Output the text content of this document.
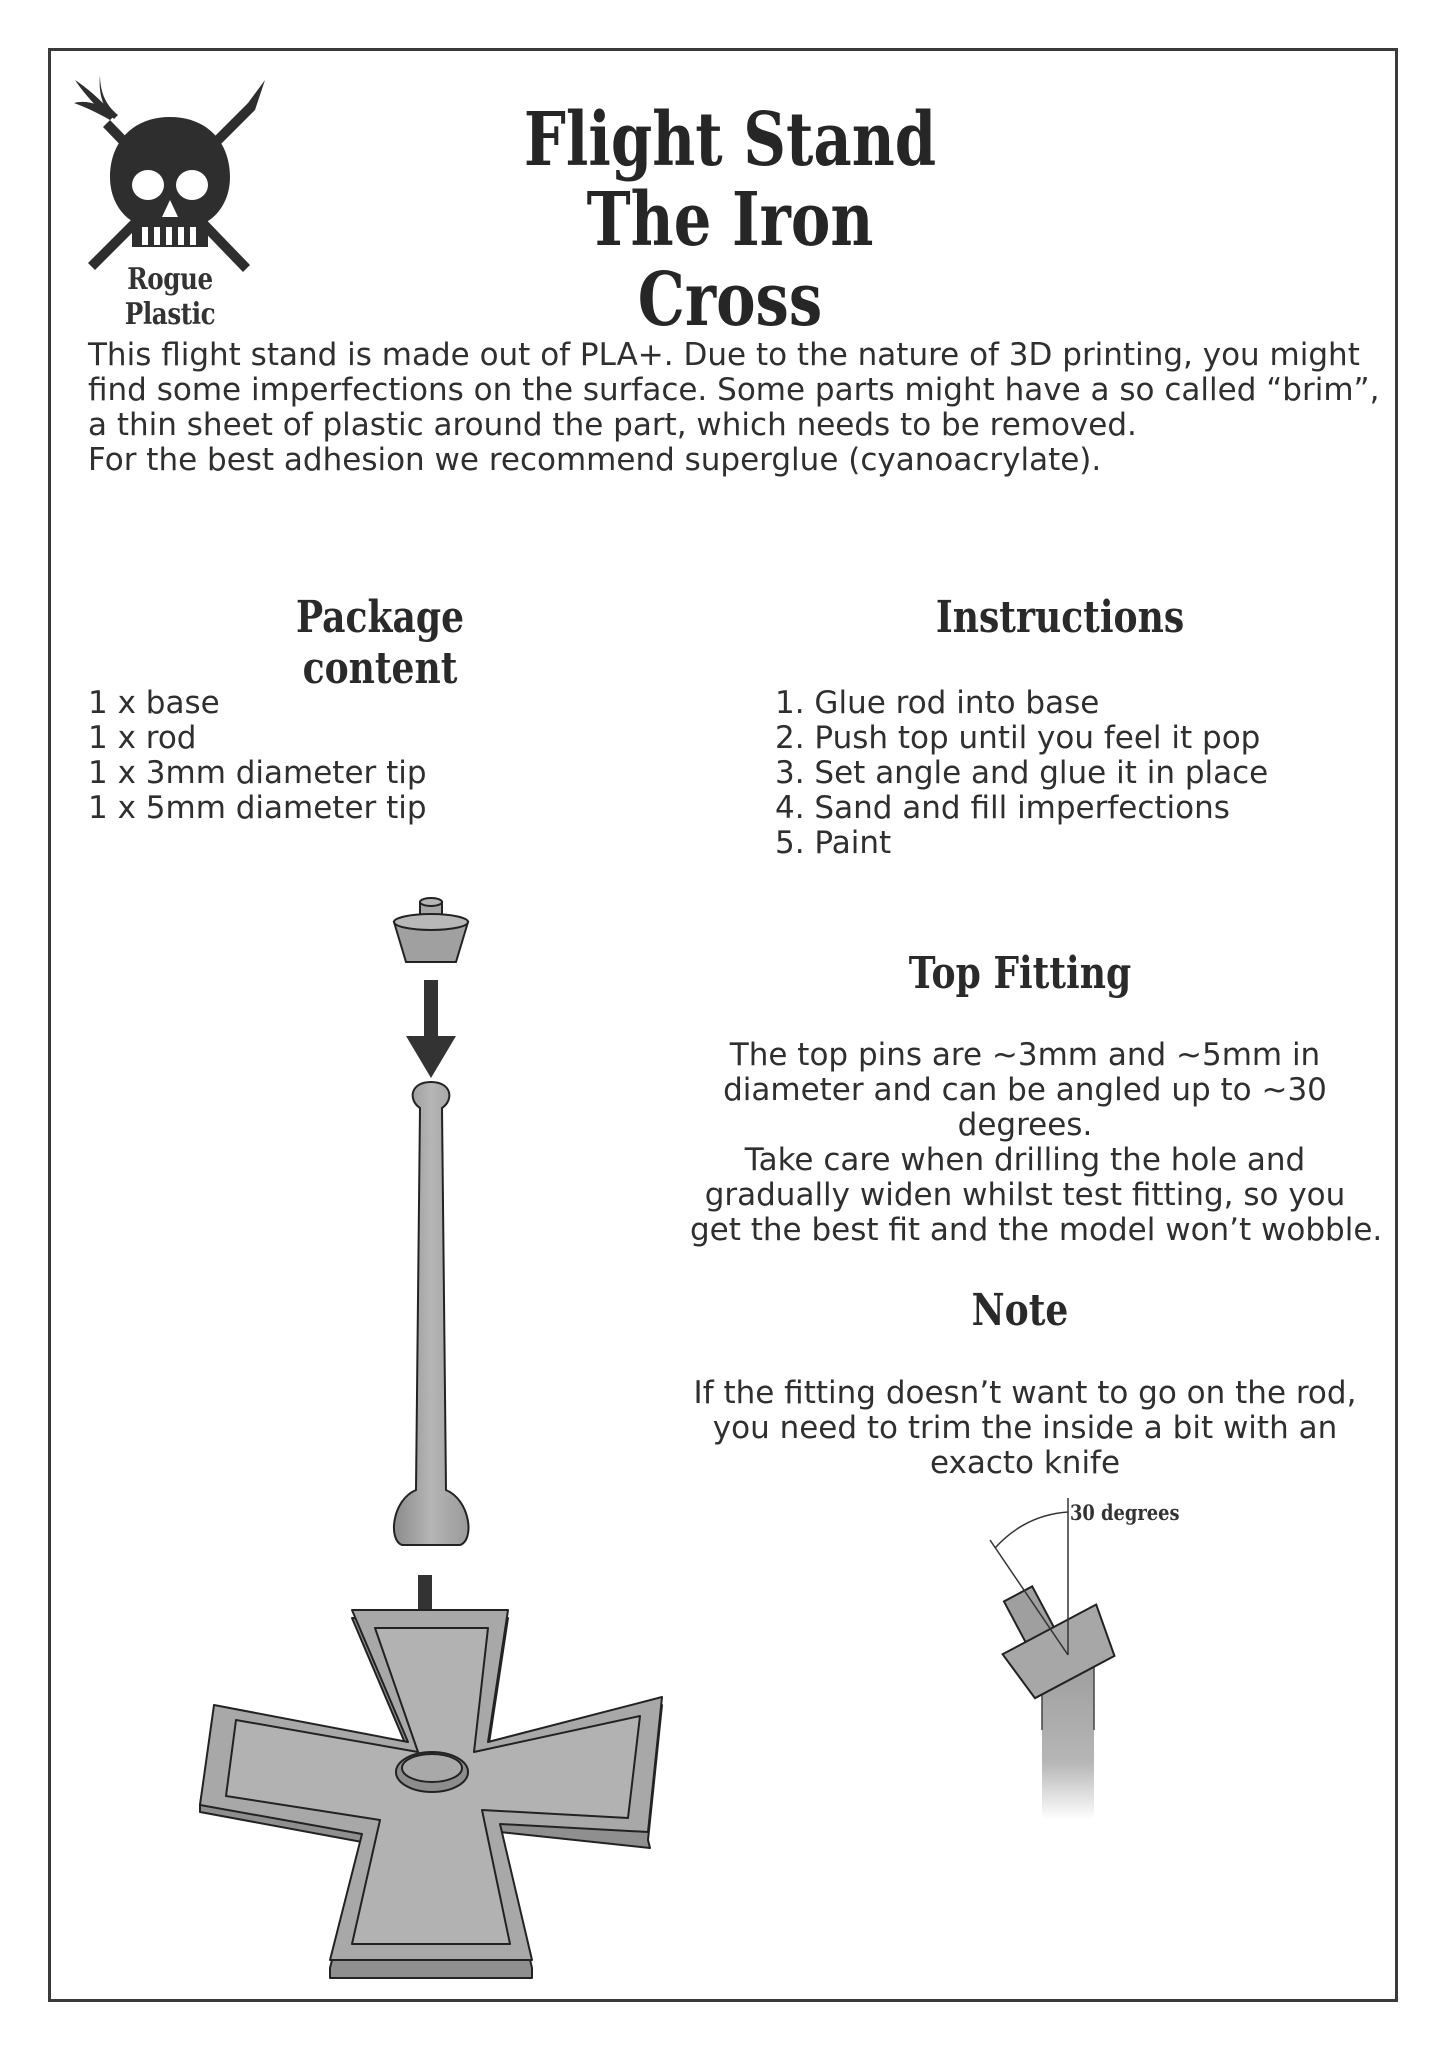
Rogue Plastic
Flight Stand
The Iron Cross
This flight stand is made out of PLA+. Due to the nature of 3D printing, you might
find some imperfections on the surface. Some parts might have a so called “brim”,
a thin sheet of plastic around the part, which needs to be removed.
For the best adhesion we recommend superglue (cyanoacrylate).
Package content
1 x base
1 x rod
1 x 3mm diameter tip
1 x 5mm diameter tip
Instructions
1. Glue rod into base
2. Push top until you feel it pop
3. Set angle and glue it in place
4. Sand and fill imperfections
5. Paint
Top Fitting
The top pins are ~3mm and ~5mm in
diameter and can be angled up to ~30
degrees.
Take care when drilling the hole and
gradually widen whilst test fitting, so you
get the best fit and the model won’t wobble.
Note
If the fitting doesn’t want to go on the rod,
you need to trim the inside a bit with an
exacto knife
30 degrees
